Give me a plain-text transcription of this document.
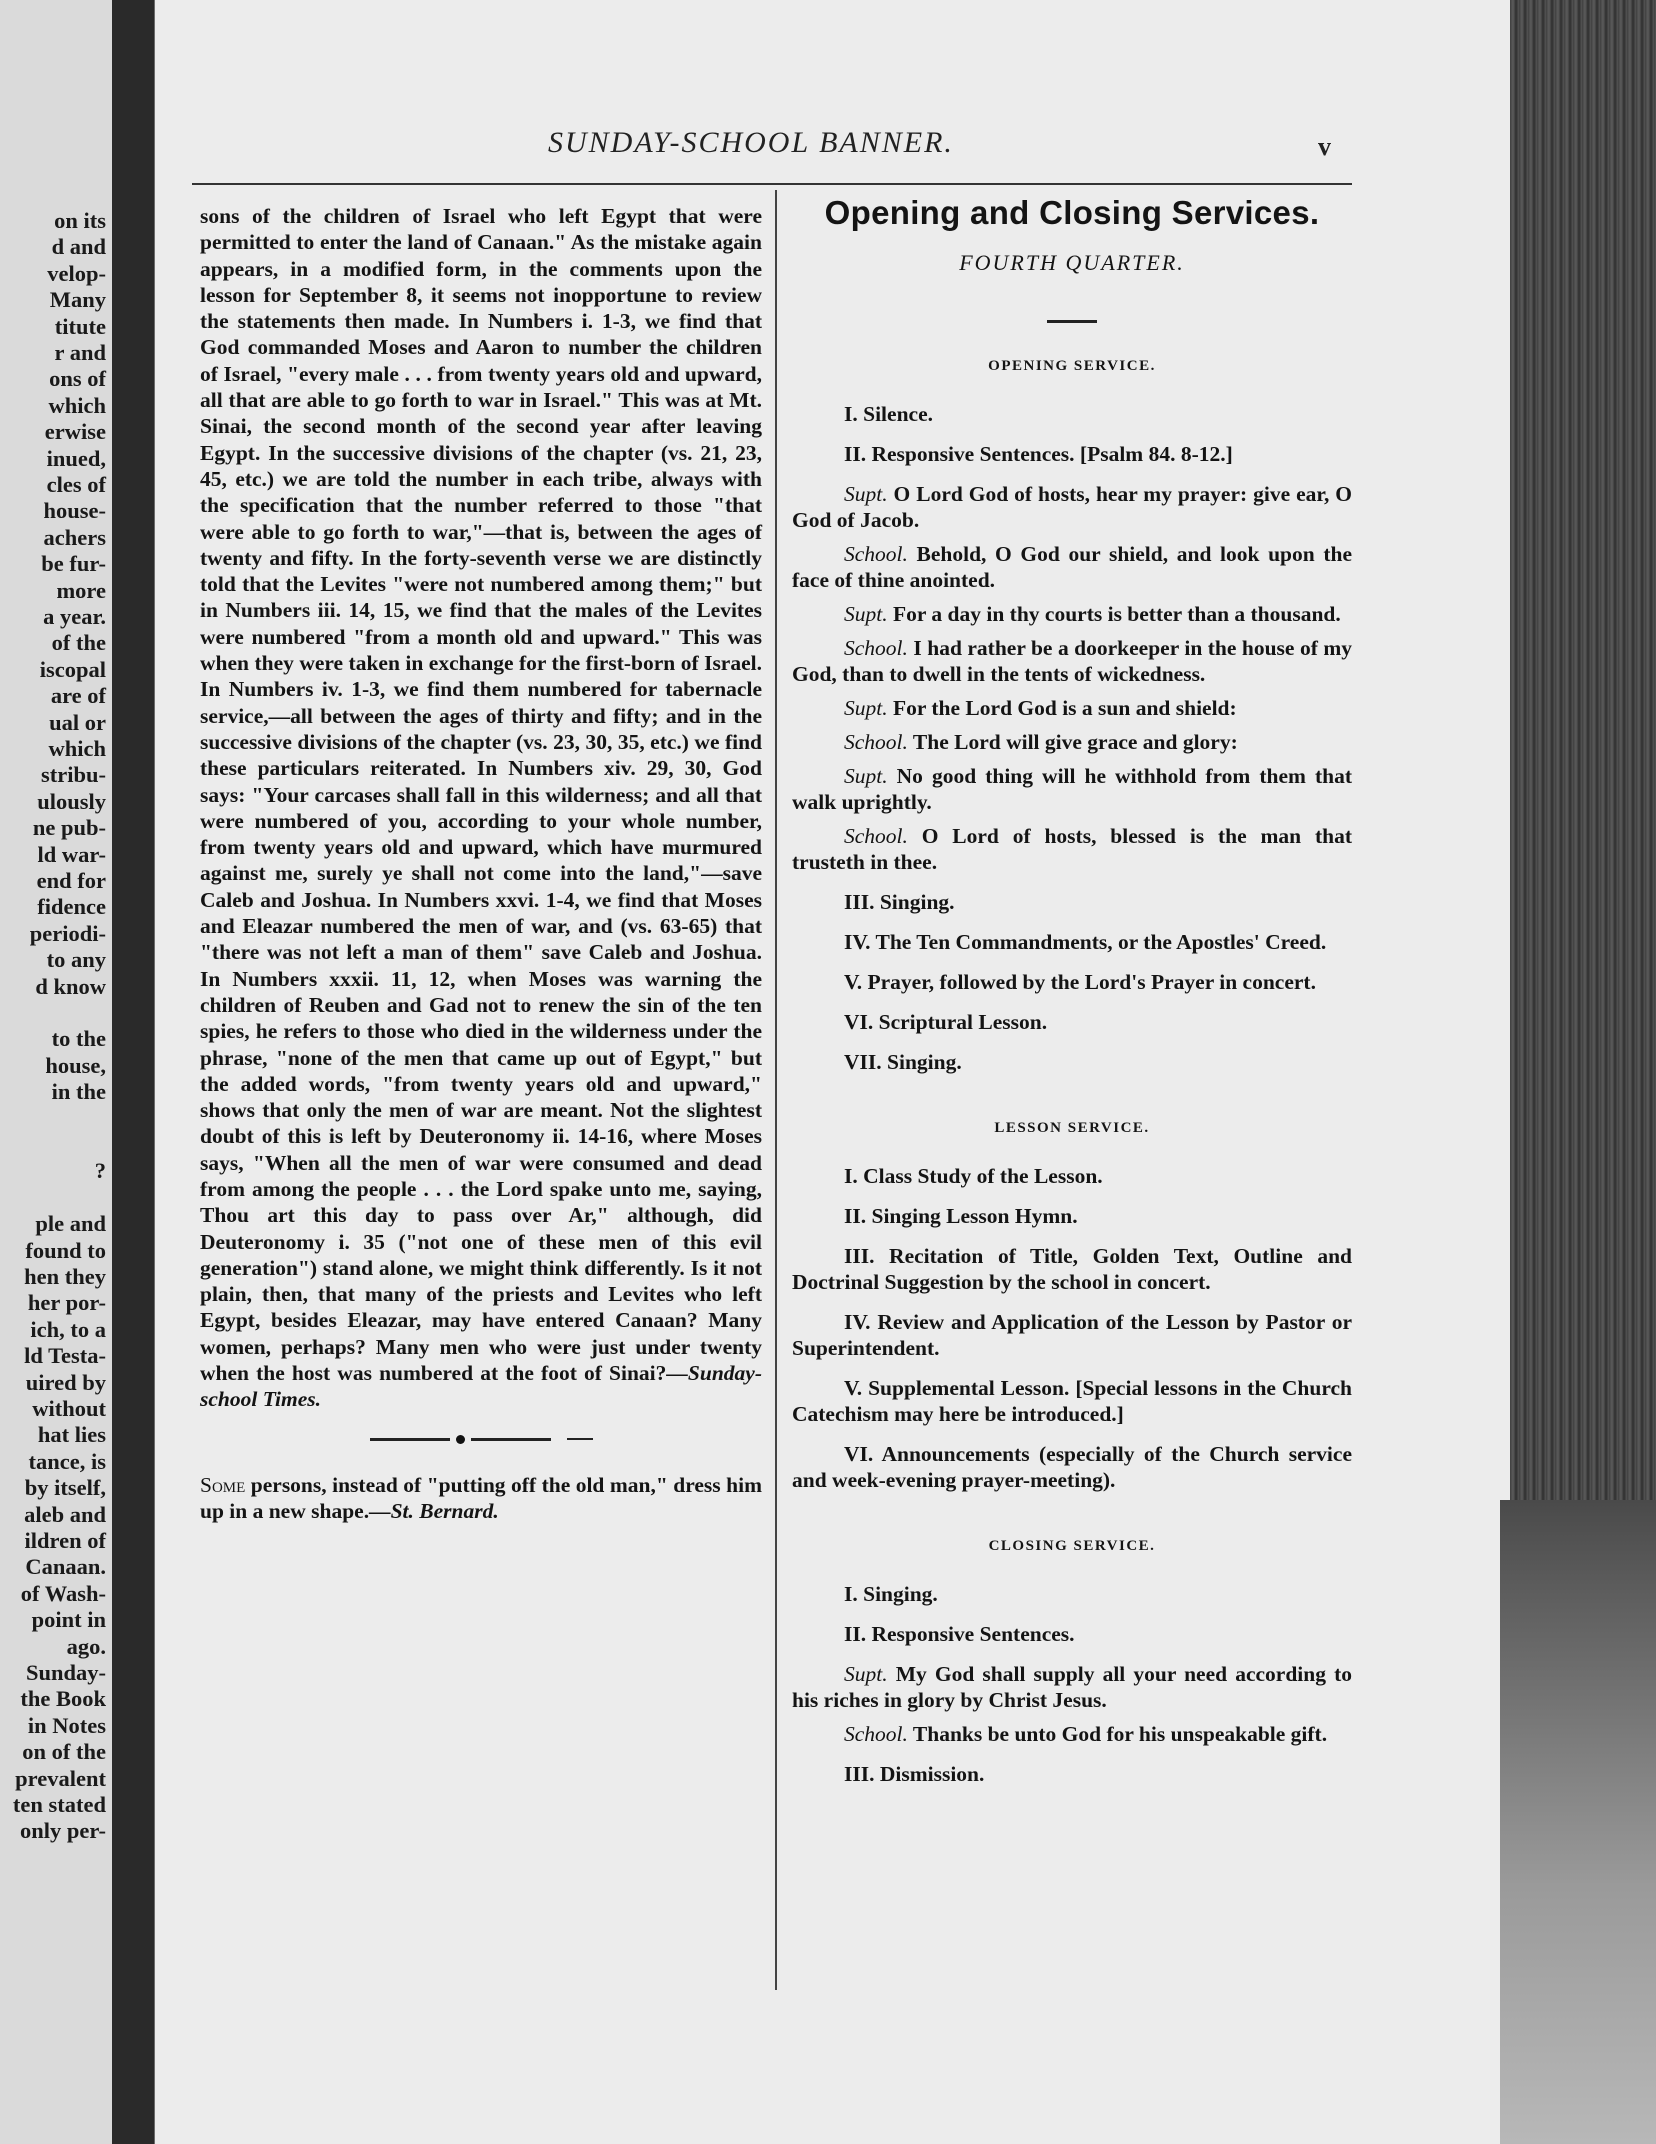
on its
d and
velop-
Many
titute
r and
ons of
which
erwise
inued,
cles of
house-
achers
be fur-
more
a year.
of the
iscopal
are of
ual or
which
stribu-
ulously
ne pub-
ld war-
end for
fidence
periodi-
to any
d know
to the
house,
in the
?
ple and
found to
hen they
her por-
ich, to a
ld Testa-
uired by
without
hat lies
tance, is
by itself,
aleb and
ildren of
Canaan.
of Wash-
point in
ago.
Sunday-
the Book
in Notes
on of the
prevalent
ten stated
only per-
SUNDAY-SCHOOL BANNER.	v

sons of the children of Israel who left Egypt that were permitted to enter the land of Canaan." As the mistake again appears, in a modified form, in the comments upon the lesson for September 8, it seems not inopportune to review the statements then made. In Numbers i. 1-3, we find that God commanded Moses and Aaron to number the children of Israel, "every male . . . from twenty years old and upward, all that are able to go forth to war in Israel." This was at Mt. Sinai, the second month of the second year after leaving Egypt. In the successive divisions of the chapter (vs. 21, 23, 45, etc.) we are told the number in each tribe, always with the specification that the number referred to those "that were able to go forth to war,"—that is, between the ages of twenty and fifty. In the forty-seventh verse we are distinctly told that the Levites "were not numbered among them;" but in Numbers iii. 14, 15, we find that the males of the Levites were numbered "from a month old and upward." This was when they were taken in exchange for the first-born of Israel. In Numbers iv. 1-3, we find them numbered for tabernacle service,—all between the ages of thirty and fifty; and in the successive divisions of the chapter (vs. 23, 30, 35, etc.) we find these particulars reiterated. In Numbers xiv. 29, 30, God says: "Your carcases shall fall in this wilderness; and all that were numbered of you, according to your whole number, from twenty years old and upward, which have murmured against me, surely ye shall not come into the land,"—save Caleb and Joshua. In Numbers xxvi. 1-4, we find that Moses and Eleazar numbered the men of war, and (vs. 63-65) that "there was not left a man of them" save Caleb and Joshua. In Numbers xxxii. 11, 12, when Moses was warning the children of Reuben and Gad not to renew the sin of the ten spies, he refers to those who died in the wilderness under the phrase, "none of the men that came up out of Egypt," but the added words, "from twenty years old and upward," shows that only the men of war are meant. Not the slightest doubt of this is left by Deuteronomy ii. 14-16, where Moses says, "When all the men of war were consumed and dead from among the people . . . the Lord spake unto me, saying, Thou art this day to pass over Ar," although, did Deuteronomy i. 35 ("not one of these men of this evil generation") stand alone, we might think differently. Is it not plain, then, that many of the priests and Levites who left Egypt, besides Eleazar, may have entered Canaan? Many women, perhaps? Many men who were just under twenty when the host was numbered at the foot of Sinai?—Sunday-school Times.

Some persons, instead of "putting off the old man," dress him up in a new shape.—St. Bernard.

Opening and Closing Services.

FOURTH QUARTER.

OPENING SERVICE.

I. Silence.

II. Responsive Sentences. [Psalm 84. 8-12.]

Supt. O Lord God of hosts, hear my prayer: give ear, O God of Jacob.

School. Behold, O God our shield, and look upon the face of thine anointed.

Supt. For a day in thy courts is better than a thousand.

School. I had rather be a doorkeeper in the house of my God, than to dwell in the tents of wickedness.

Supt. For the Lord God is a sun and shield:

School. The Lord will give grace and glory:

Supt. No good thing will he withhold from them that walk uprightly.

School. O Lord of hosts, blessed is the man that trusteth in thee.

III. Singing.

IV. The Ten Commandments, or the Apostles' Creed.

V. Prayer, followed by the Lord's Prayer in concert.

VI. Scriptural Lesson.

VII. Singing.

LESSON SERVICE.

I. Class Study of the Lesson.

II. Singing Lesson Hymn.

III. Recitation of Title, Golden Text, Outline and Doctrinal Suggestion by the school in concert.

IV. Review and Application of the Lesson by Pastor or Superintendent.

V. Supplemental Lesson. [Special lessons in the Church Catechism may here be introduced.]

VI. Announcements (especially of the Church service and week-evening prayer-meeting).

CLOSING SERVICE.

I. Singing.

II. Responsive Sentences.

Supt. My God shall supply all your need according to his riches in glory by Christ Jesus.

School. Thanks be unto God for his unspeakable gift.

III. Dismission.
